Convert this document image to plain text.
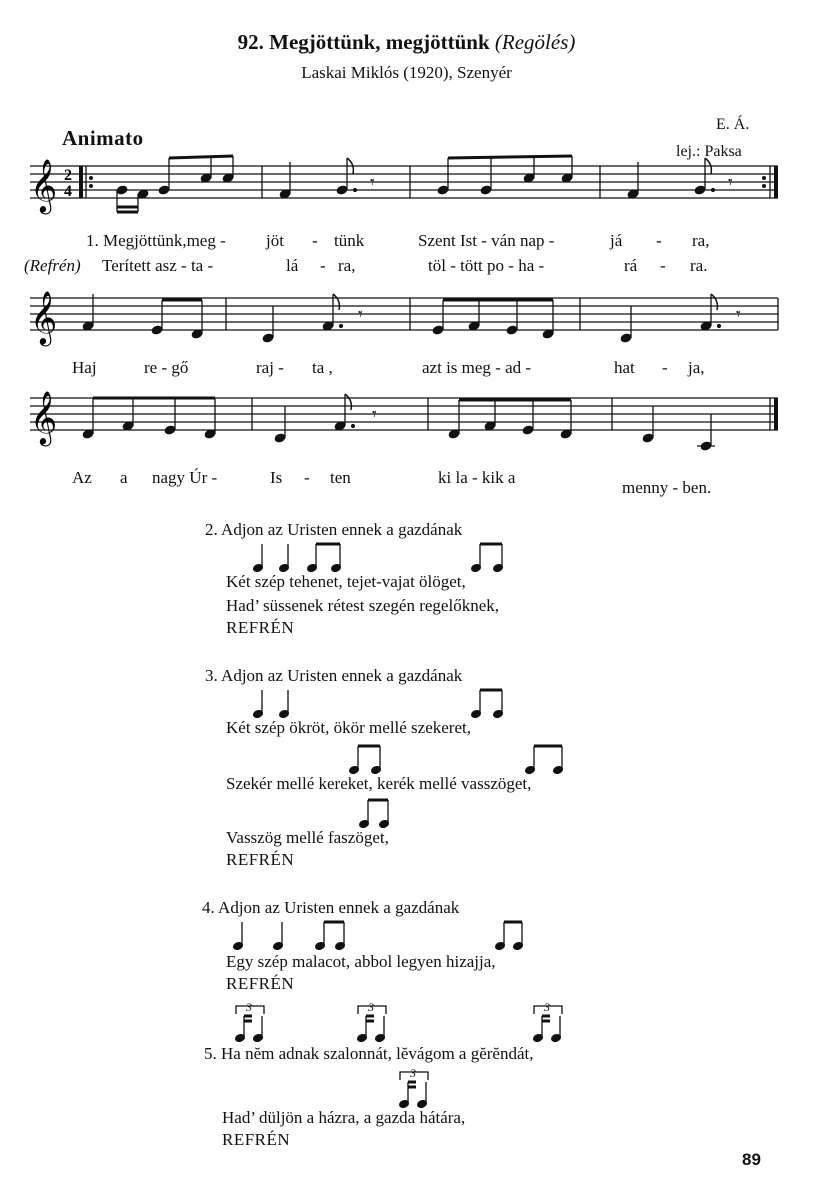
92. Megjöttünk, megjöttünk (Regölés)
Laskai Miklós (1920), Szenyér
Animato
E. Á.
lej.: Paksa
𝄞 2
4	𝄾	𝄾
1. Megjöttünk,meg - jöt - tünk	Szent Ist - ván nap -	já - ra,
(Refrén) Terített asz - ta -	lá - ra,	töl - tött po - ha -	rá - ra.
𝄞	𝄾	𝄾
Haj	re - gő	raj - ta ,	azt is meg - ad -	hat - ja,
𝄞	𝄾
Az a nagy Úr -	Is - ten	ki la - kik a
menny - ben.
2. Adjon az Uristen ennek a gazdának
Két szép tehenet, tejet-vajat ölöget,
Had’ süssenek rétest szegén regelőknek,
REFRÉN
3. Adjon az Uristen ennek a gazdának
Két szép ökröt, ökör mellé szekeret,
Szekér mellé kereket, kerék mellé vasszöget,
Vasszög mellé faszöget,
REFRÉN
4. Adjon az Uristen ennek a gazdának
Egy szép malacot, abbol legyen hizajja,
REFRÉN
3	3	3
5. Ha nĕm adnak szalonnát, lĕvágom a gĕrĕndát,
3
Had’ düljön a házra, a gazda hátára,
REFRÉN
89
